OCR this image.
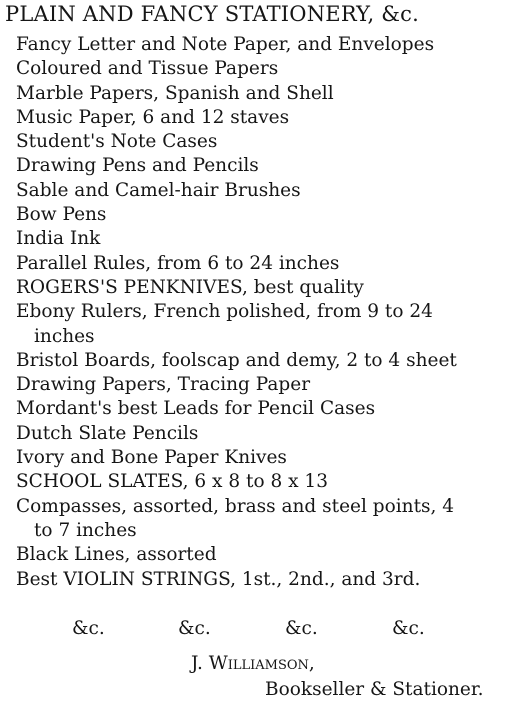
PLAIN AND FANCY STATIONERY, &c.
Fancy Letter and Note Paper, and Envelopes
Coloured and Tissue Papers
Marble Papers, Spanish and Shell
Music Paper, 6 and 12 staves
Student's Note Cases
Drawing Pens and Pencils
Sable and Camel-hair Brushes
Bow Pens
India Ink
Parallel Rules, from 6 to 24 inches
ROGERS'S PENKNIVES, best quality
Ebony Rulers, French polished, from 9 to 24
inches
Bristol Boards, foolscap and demy, 2 to 4 sheet
Drawing Papers, Tracing Paper
Mordant's best Leads for Pencil Cases
Dutch Slate Pencils
Ivory and Bone Paper Knives
SCHOOL SLATES, 6 x 8 to 8 x 13
Compasses, assorted, brass and steel points, 4
to 7 inches
Black Lines, assorted
Best VIOLIN STRINGS, 1st., 2nd., and 3rd.
&c.	&c.	&c.	&c.
J. Williamson,
Bookseller & Stationer.
